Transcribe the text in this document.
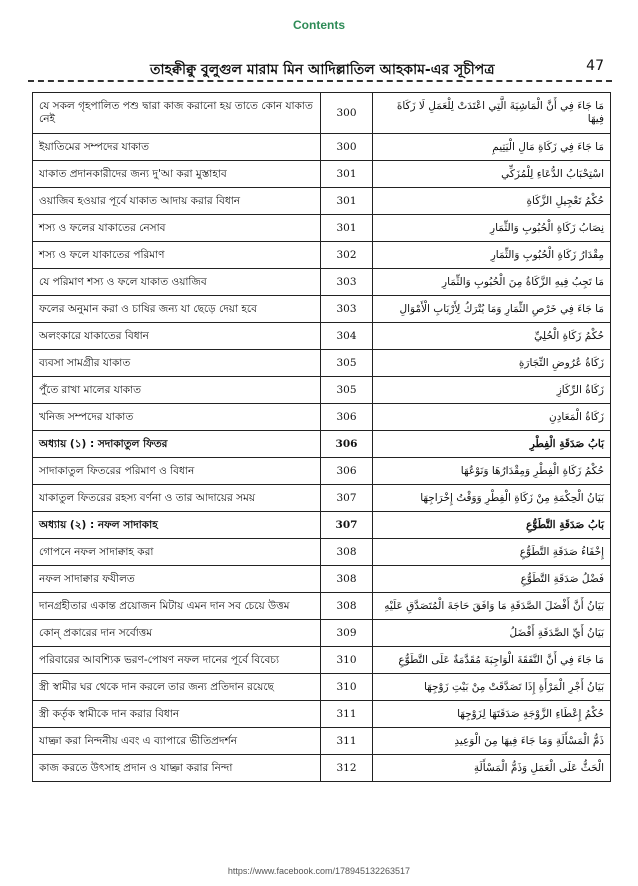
Contents
তাহক্বীক্বু বুলুগুল মারাম মিন আদিল্লাতিল আহকাম-এর সূচীপত্র	47
যে সকল গৃহপালিত পশু দ্বারা কাজ করানো হয় তাতে কোন যাকাত নেই	300	مَا جَاءَ فِي أَنَّ الْمَاشِيَةَ الَّتِي اعْتَدَتْ لِلْعَمَلِ لَا زَكَاةَ فِيهَا
ইয়াতিমের সম্পদের যাকাত	300	مَا جَاءَ فِي زَكَاةِ مَالِ الْيَتِيمِ
যাকাত প্রদানকারীদের জন্য দু'আ করা মুস্তাহাব	301	اسْتِحْبَابُ الدُّعَاءِ لِلْمُزَكِّي
ওয়াজিব হওয়ার পূর্বে যাকাত আদায় করার বিধান	301	حُكْمُ تَعْجِيلِ الزَّكَاةِ
শস্য ও ফলের যাকাতের নেসাব	301	نِصَابُ زَكَاةِ الْحُبُوبِ وَالثِّمَارِ
শস্য ও ফলে যাকাতের পরিমাণ	302	مِقْدَارُ زَكَاةِ الْحُبُوبِ وَالثِّمَارِ
যে পরিমাণ শস্য ও ফলে যাকাত ওয়াজিব	303	مَا تَجِبُ فِيهِ الزَّكَاةُ مِنَ الْحُبُوبِ وَالثِّمَارِ
ফলের অনুমান করা ও চাষির জন্য যা ছেড়ে দেয়া হবে	303	مَا جَاءَ فِي خَرْصِ الثِّمَارِ وَمَا يُتْرَكُ لِأَرْبَابِ الْأَمْوَالِ
অলংকারে যাকাতের বিধান	304	حُكْمُ زَكَاةِ الْحُلِيِّ
ব্যবসা সামগ্রীর যাকাত	305	زَكَاةُ عُرُوضِ التِّجَارَةِ
পুঁতে রাখা মালের যাকাত	305	زَكَاةُ الرِّكَازِ
খনিজ সম্পদের যাকাত	306	زَكَاةُ الْمَعَادِنِ
অধ্যায় (১) : সদাকাতুল ফিতর	306	بَابُ صَدَقَةِ الْفِطْرِ
সাদাকাতুল ফিতরের পরিমাণ ও বিধান	306	حُكْمُ زَكَاةِ الْفِطْرِ وَمِقْدَارُهَا وَنَوْعُهَا
যাকাতুল ফিতরের রহস্য বর্ণনা ও তার আদায়ের সময়	307	بَيَانُ الْحِكْمَةِ مِنْ زَكَاةِ الْفِطْرِ وَوَقْتُ إِخْرَاجِهَا
অধ্যায় (২) : নফল সাদাকাহ	307	بَابُ صَدَقَةِ التَّطَوُّعِ
গোপনে নফল সাদাক্বাহ করা	308	إِخْفَاءُ صَدَقَةِ التَّطَوُّعِ
নফল সাদাক্বার ফযীলত	308	فَضْلُ صَدَقَةِ التَّطَوُّعِ
দানগ্রহীতার একান্ত প্রয়োজন মিটায় এমন দান সব চেয়ে উত্তম	308	بَيَانُ أَنَّ أَفْضَلَ الصَّدَقَةِ مَا وَافَقَ حَاجَةَ الْمُتَصَدَّقِ عَلَيْهِ
কোন্ প্রকারের দান সর্বোত্তম	309	بَيَانُ أَيِّ الصَّدَقَةِ أَفْضَلُ
পরিবারের আবশ্যিক ভরণ-পোষণ নফল দানের পূর্বে বিবেচ্য	310	مَا جَاءَ فِي أَنَّ النَّفَقَةَ الْوَاجِبَةَ مُقَدَّمَةٌ عَلَى التَّطَوُّعِ
স্ত্রী স্বামীর ঘর থেকে দান করলে তার জন্য প্রতিদান রয়েছে	310	بَيَانُ أَجْرِ الْمَرْأَةِ إِذَا تَصَدَّقَتْ مِنْ بَيْتِ زَوْجِهَا
স্ত্রী কর্তৃক স্বামীকে দান করার বিধান	311	حُكْمُ إِعْطَاءِ الزَّوْجَةِ صَدَقَتَهَا لِزَوْجِهَا
যাচ্ঞা করা নিন্দনীয় এবং এ ব্যাপারে ভীতিপ্রদর্শন	311	ذَمُّ الْمَسْأَلَةِ وَمَا جَاءَ فِيهَا مِنَ الْوَعِيدِ
কাজ করতে উৎসাহ প্রদান ও যাচ্ঞা করার নিন্দা	312	الْحَثُّ عَلَى الْعَمَلِ وَذَمُّ الْمَسْأَلَةِ
https://www.facebook.com/178945132263517
